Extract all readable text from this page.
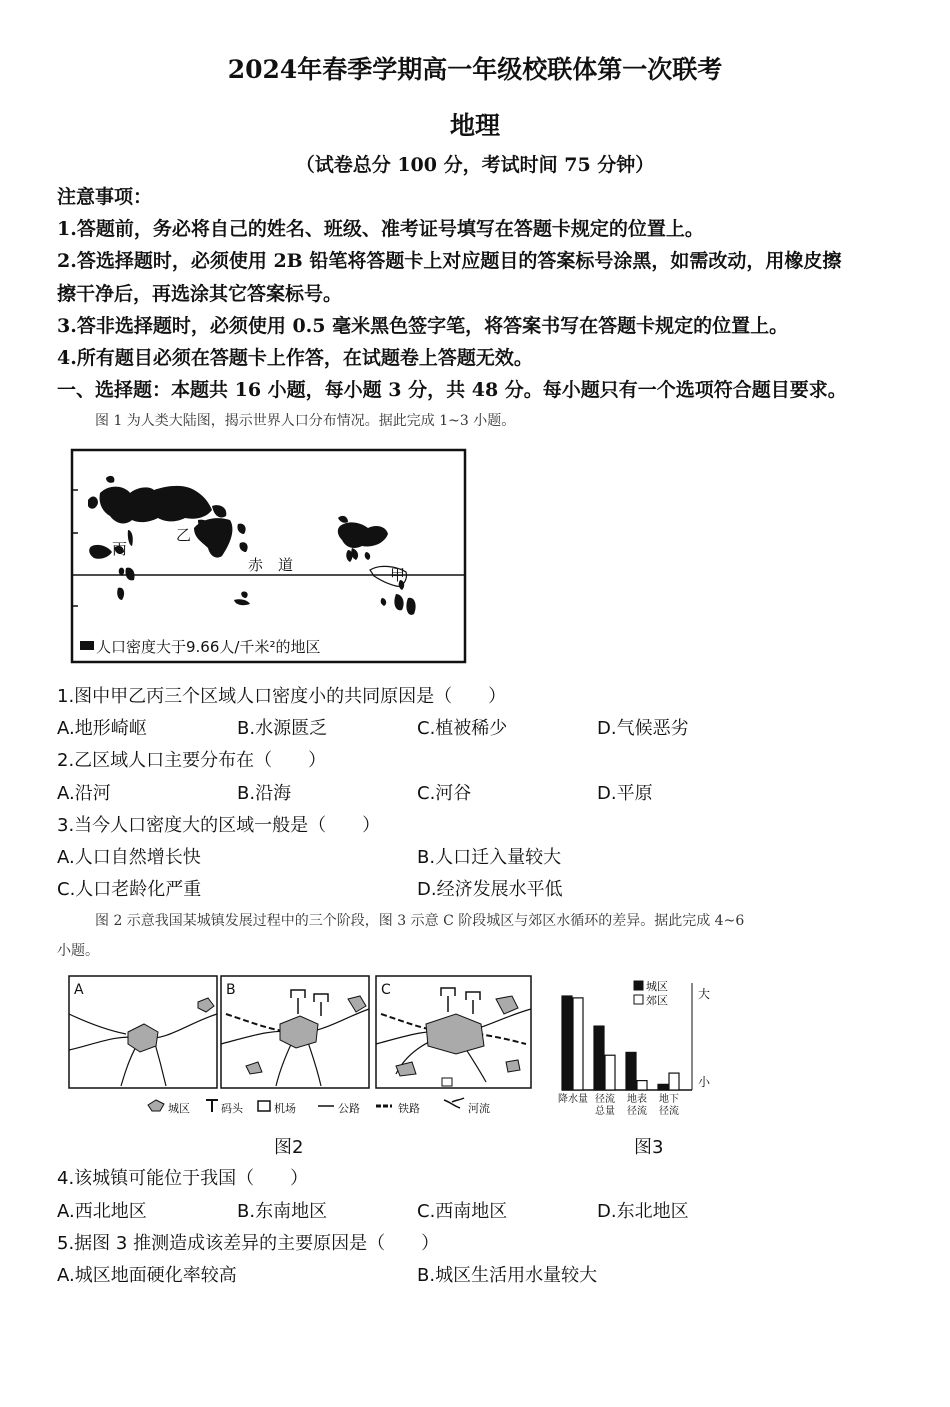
2024年春季学期高一年级校联体第一次联考
地理
（试卷总分 100 分，考试时间 75 分钟）
注意事项：
1.答题前，务必将自己的姓名、班级、准考证号填写在答题卡规定的位置上。
2.答选择题时，必须使用 2B 铅笔将答题卡上对应题目的答案标号涂黑，如需改动，用橡皮擦
擦干净后，再选涂其它答案标号。
3.答非选择题时，必须使用 0.5 毫米黑色签字笔，将答案书写在答题卡规定的位置上。
4.所有题目必须在答题卡上作答，在试题卷上答题无效。
一、选择题：本题共 16 小题，每小题 3 分，共 48 分。每小题只有一个选项符合题目要求。
图 1 为人类大陆图，揭示世界人口分布情况。据此完成 1~3 小题。
乙
丙
甲
赤　道
人口密度大于9.66人/千米²的地区
1.图中甲乙丙三个区域人口密度小的共同原因是（　　）
A.地形崎岖	B.水源匮乏	C.植被稀少	D.气候恶劣
2.乙区域人口主要分布在（　　）
A.沿河	B.沿海	C.河谷	D.平原
3.当今人口密度大的区域一般是（　　）
A.人口自然增长快	B.人口迁入量较大
C.人口老龄化严重	D.经济发展水平低
图 2 示意我国某城镇发展过程中的三个阶段，图 3 示意 C 阶段城区与郊区水循环的差异。据此完成 4~6
小题。
A	B	C
城区	码头	机场	公路	铁路	河流
城区
郊区	大
小
降水量 径流
总量
地表
径流
地下
径流
图2	图3
4.该城镇可能位于我国（　　）
A.西北地区	B.东南地区	C.西南地区	D.东北地区
5.据图 3 推测造成该差异的主要原因是（　　）
A.城区地面硬化率较高	B.城区生活用水量较大
